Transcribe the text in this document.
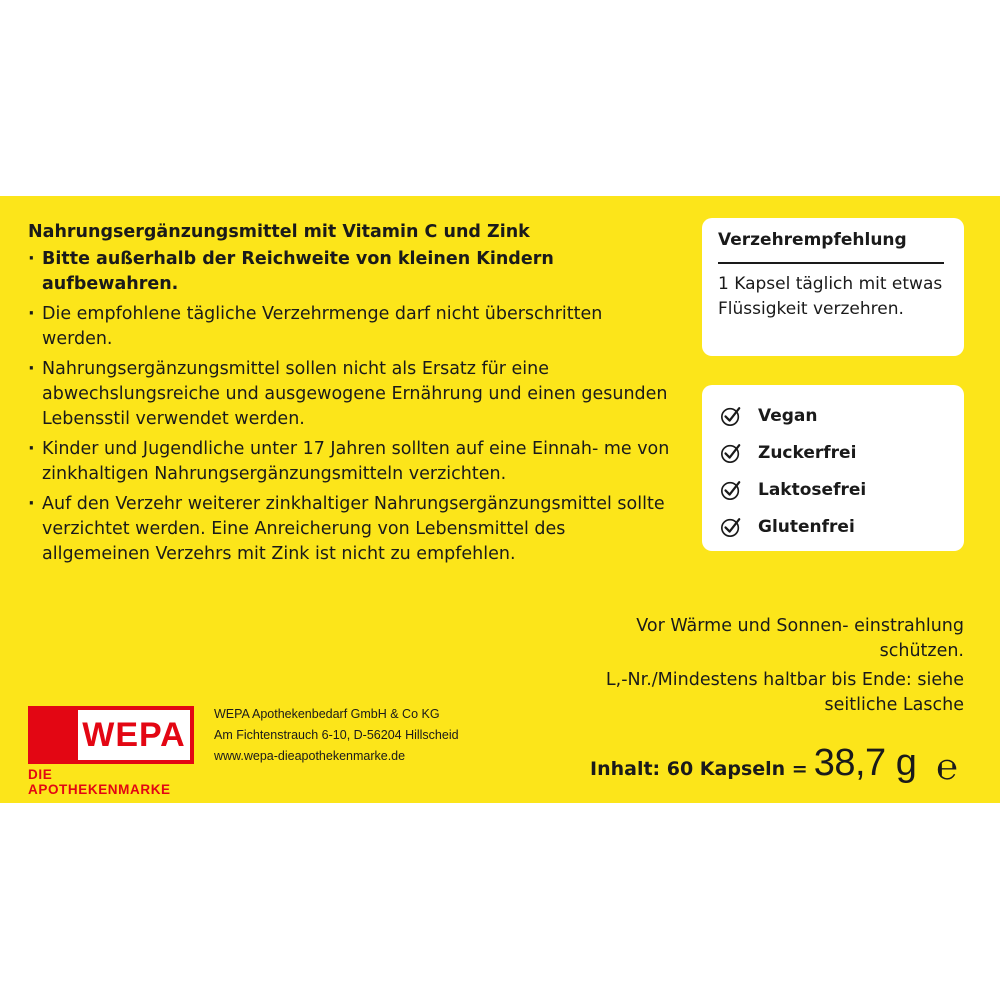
Nahrungsergänzungsmittel mit Vitamin C und Zink
· Bitte außerhalb der Reichweite von kleinen Kindern aufbewahren.
· Die empfohlene tägliche Verzehrmenge darf nicht überschritten werden.
· Nahrungsergänzungsmittel sollen nicht als Ersatz für eine abwechslungsreiche und ausgewogene Ernährung und einen gesunden Lebensstil verwendet werden.
· Kinder und Jugendliche unter 17 Jahren sollten auf eine Einnah- me von zinkhaltigen Nahrungsergänzungsmitteln verzichten.
· Auf den Verzehr weiterer zinkhaltiger Nahrungsergänzungsmittel sollte verzichtet werden. Eine Anreicherung von Lebensmittel des allgemeinen Verzehrs mit Zink ist nicht zu empfehlen.
Verzehrempfehlung
1 Kapsel täglich mit etwas Flüssigkeit verzehren.
Vegan
Zuckerfrei
Laktosefrei
Glutenfrei

Vor Wärme und Sonnen- einstrahlung schützen.

L,-Nr./Mindestens haltbar bis Ende: siehe seitliche Lasche

WEPA
DIE APOTHEKENMARKE
WEPA Apothekenbedarf GmbH & Co KG
Am Fichtenstrauch 6-10, D-56204 Hillscheid
www.wepa-dieapothekenmarke.de
Inhalt: 60 Kapseln = 38,7 g ℮
